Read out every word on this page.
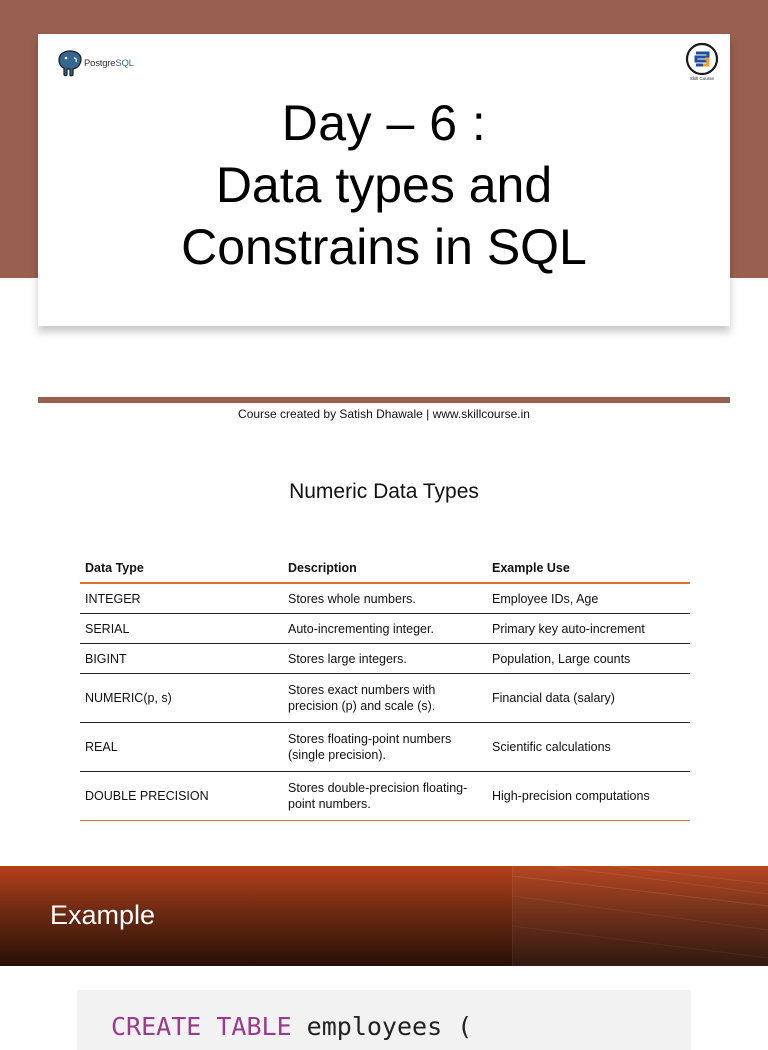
PostgreSQL
Skill Course
Day – 6 :
Data types and
Constrains in SQL
Course created by Satish Dhawale | www.skillcourse.in
Numeric Data Types
Data Type	Description	Example Use
INTEGER	Stores whole numbers.	Employee IDs, Age
SERIAL	Auto-incrementing integer.	Primary key auto-increment
BIGINT	Stores large integers.	Population, Large counts
NUMERIC(p, s)	Stores exact numbers with precision (p) and scale (s).	Financial data (salary)
REAL	Stores floating-point numbers (single precision).	Scientific calculations
DOUBLE PRECISION	Stores double-precision floating-point numbers.	High-precision computations
Example
CREATE TABLE employees (
